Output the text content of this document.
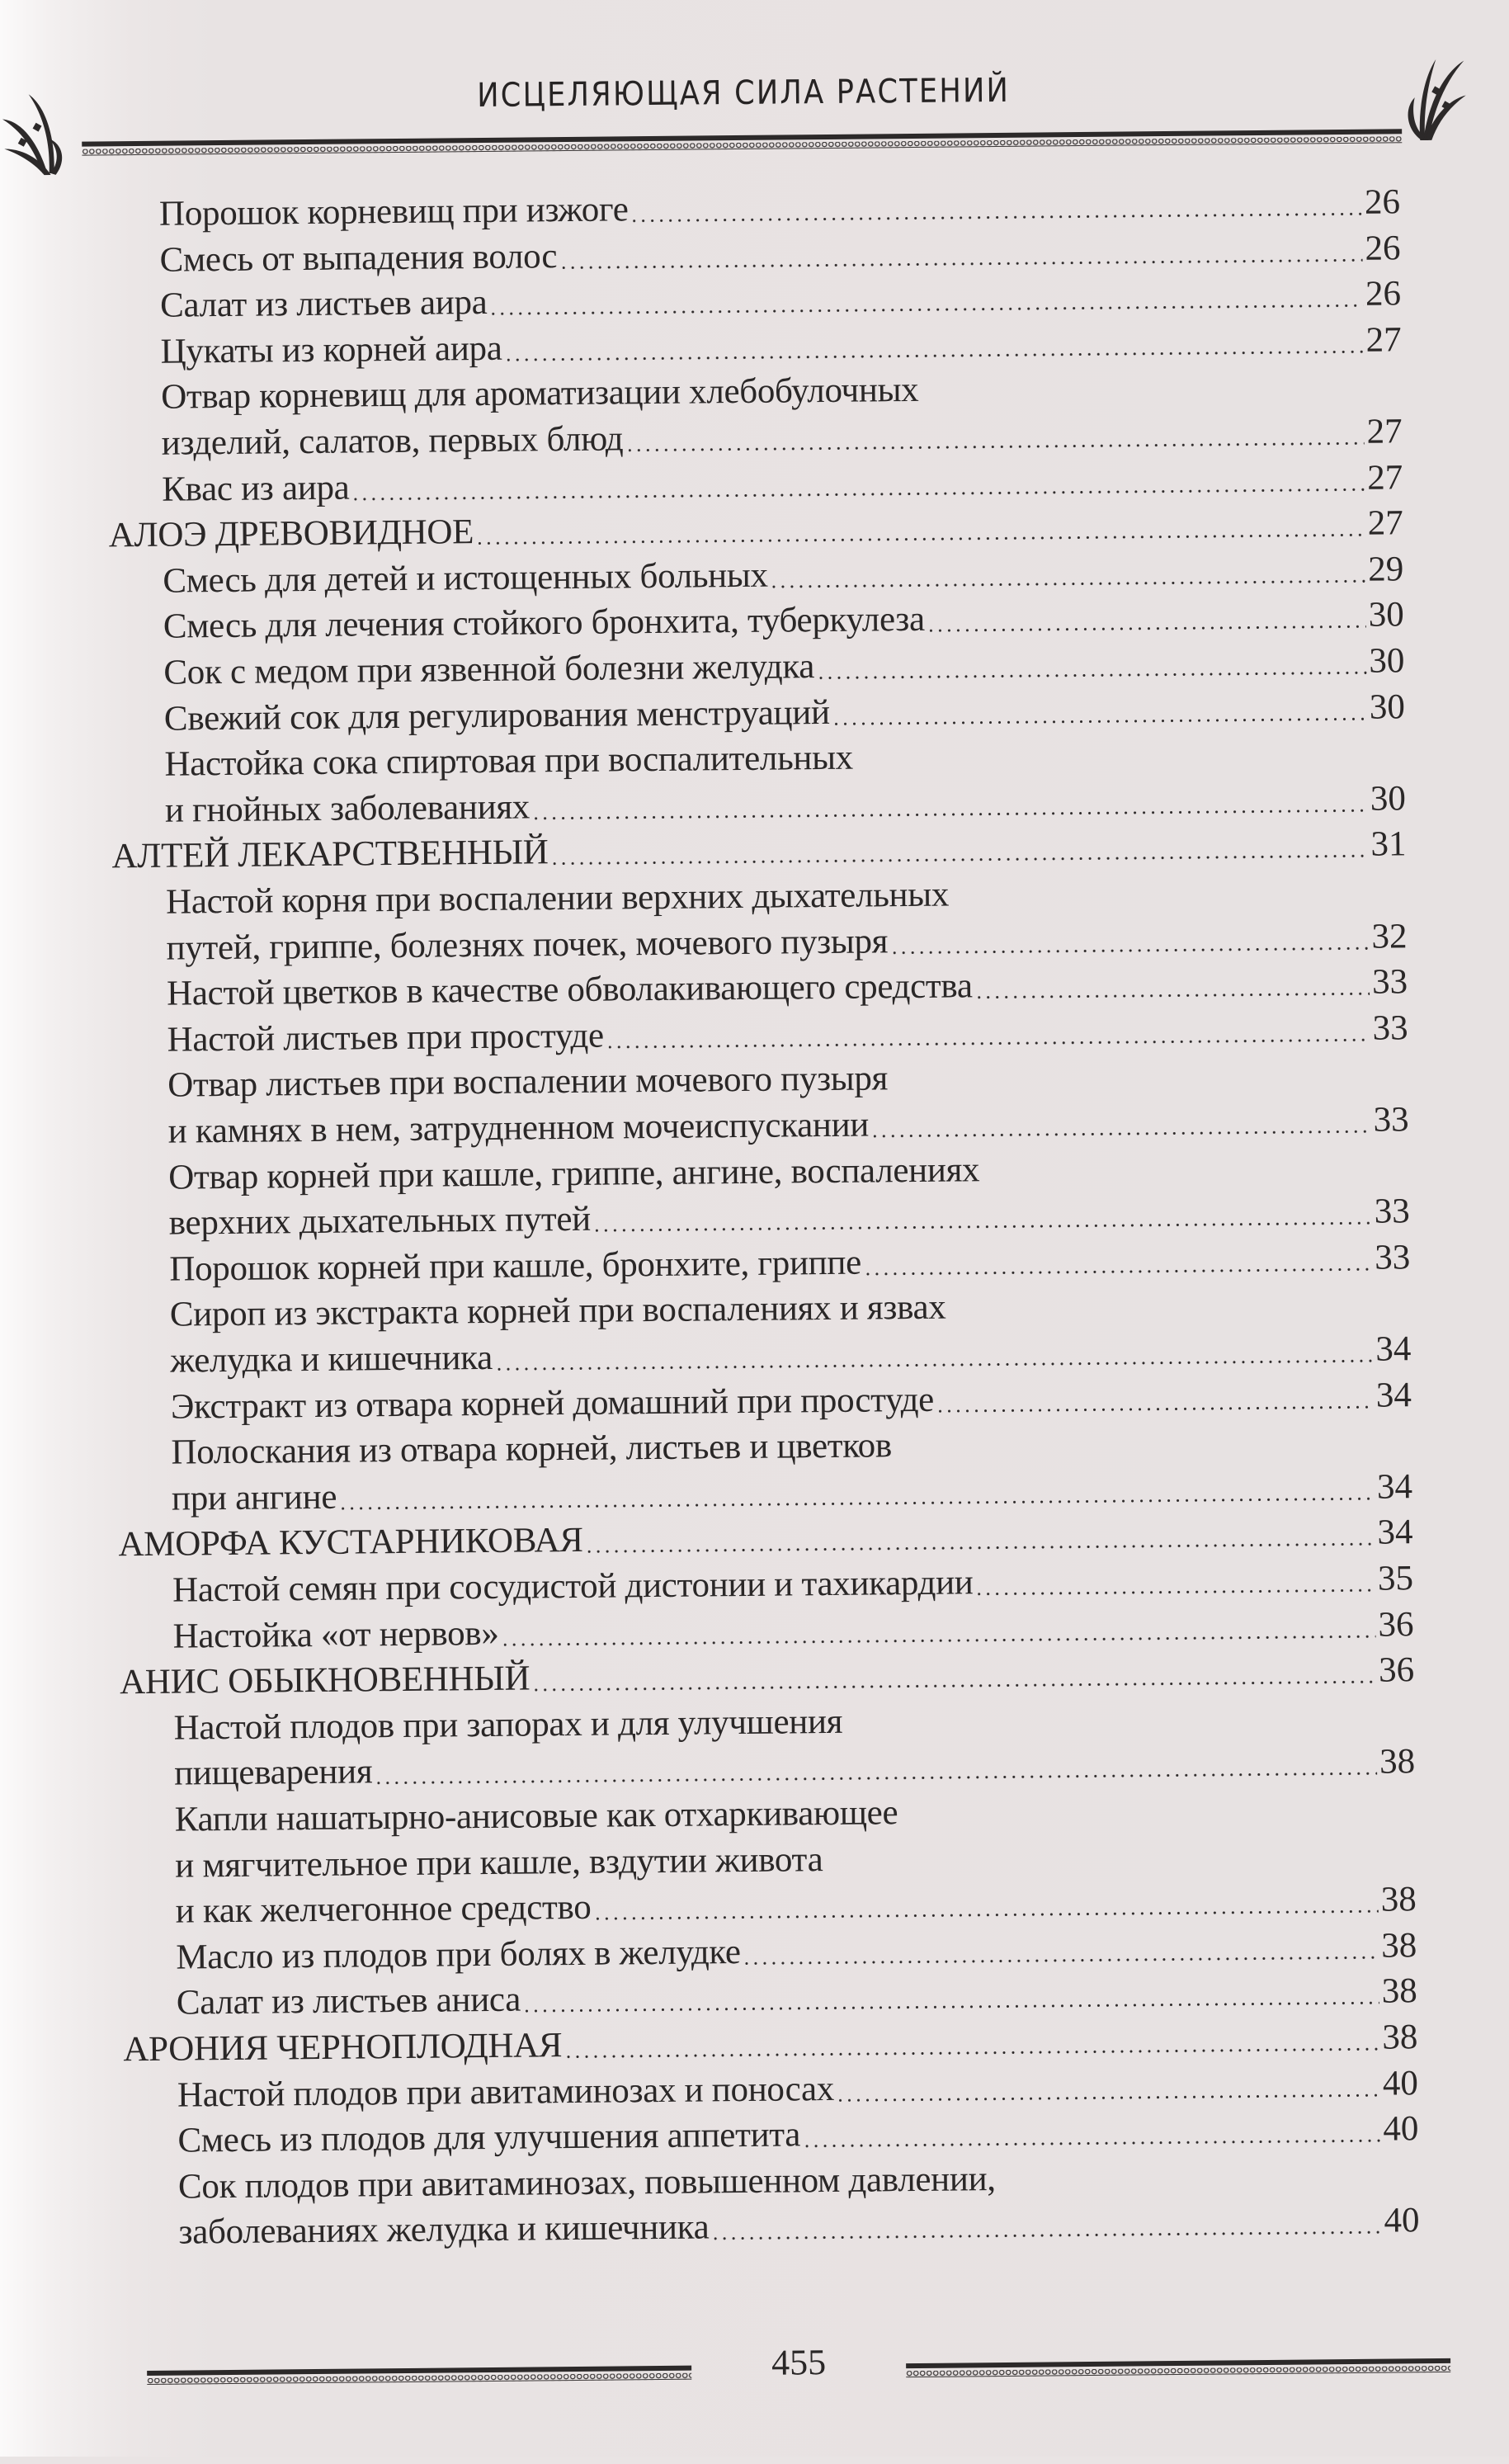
ИСЦЕЛЯЮЩАЯ СИЛА РАСТЕНИЙ
Порошок корневищ при изжоге	26
Смесь от выпадения волос	26
Салат из листьев аира	26
Цукаты из корней аира	27
Отвар корневищ для ароматизации хлебобулочных
изделий, салатов, первых блюд	27
Квас из аира	27
АЛОЭ ДРЕВОВИДНОЕ	27
Смесь для детей и истощенных больных	29
Смесь для лечения стойкого бронхита, туберкулеза	30
Сок с медом при язвенной болезни желудка	30
Свежий сок для регулирования менструаций	30
Настойка сока спиртовая при воспалительных
и гнойных заболеваниях	30
АЛТЕЙ ЛЕКАРСТВЕННЫЙ	31
Настой корня при воспалении верхних дыхательных
путей, гриппе, болезнях почек, мочевого пузыря	32
Настой цветков в качестве обволакивающего средства	33
Настой листьев при простуде	33
Отвар листьев при воспалении мочевого пузыря
и камнях в нем, затрудненном мочеиспускании	33
Отвар корней при кашле, гриппе, ангине, воспалениях
верхних дыхательных путей	33
Порошок корней при кашле, бронхите, гриппе	33
Сироп из экстракта корней при воспалениях и язвах
желудка и кишечника	34
Экстракт из отвара корней домашний при простуде	34
Полоскания из отвара корней, листьев и цветков
при ангине	34
АМОРФА КУСТАРНИКОВАЯ	34
Настой семян при сосудистой дистонии и тахикардии	35
Настойка «от нервов»	36
АНИС ОБЫКНОВЕННЫЙ	36
Настой плодов при запорах и для улучшения
пищеварения	38
Капли нашатырно-анисовые как отхаркивающее
и мягчительное при кашле, вздутии живота
и как желчегонное средство	38
Масло из плодов при болях в желудке	38
Салат из листьев аниса	38
АРОНИЯ ЧЕРНОПЛОДНАЯ	38
Настой плодов при авитаминозах и поносах	40
Смесь из плодов для улучшения аппетита	40
Сок плодов при авитаминозах, повышенном давлении,
заболеваниях желудка и кишечника	40
455
